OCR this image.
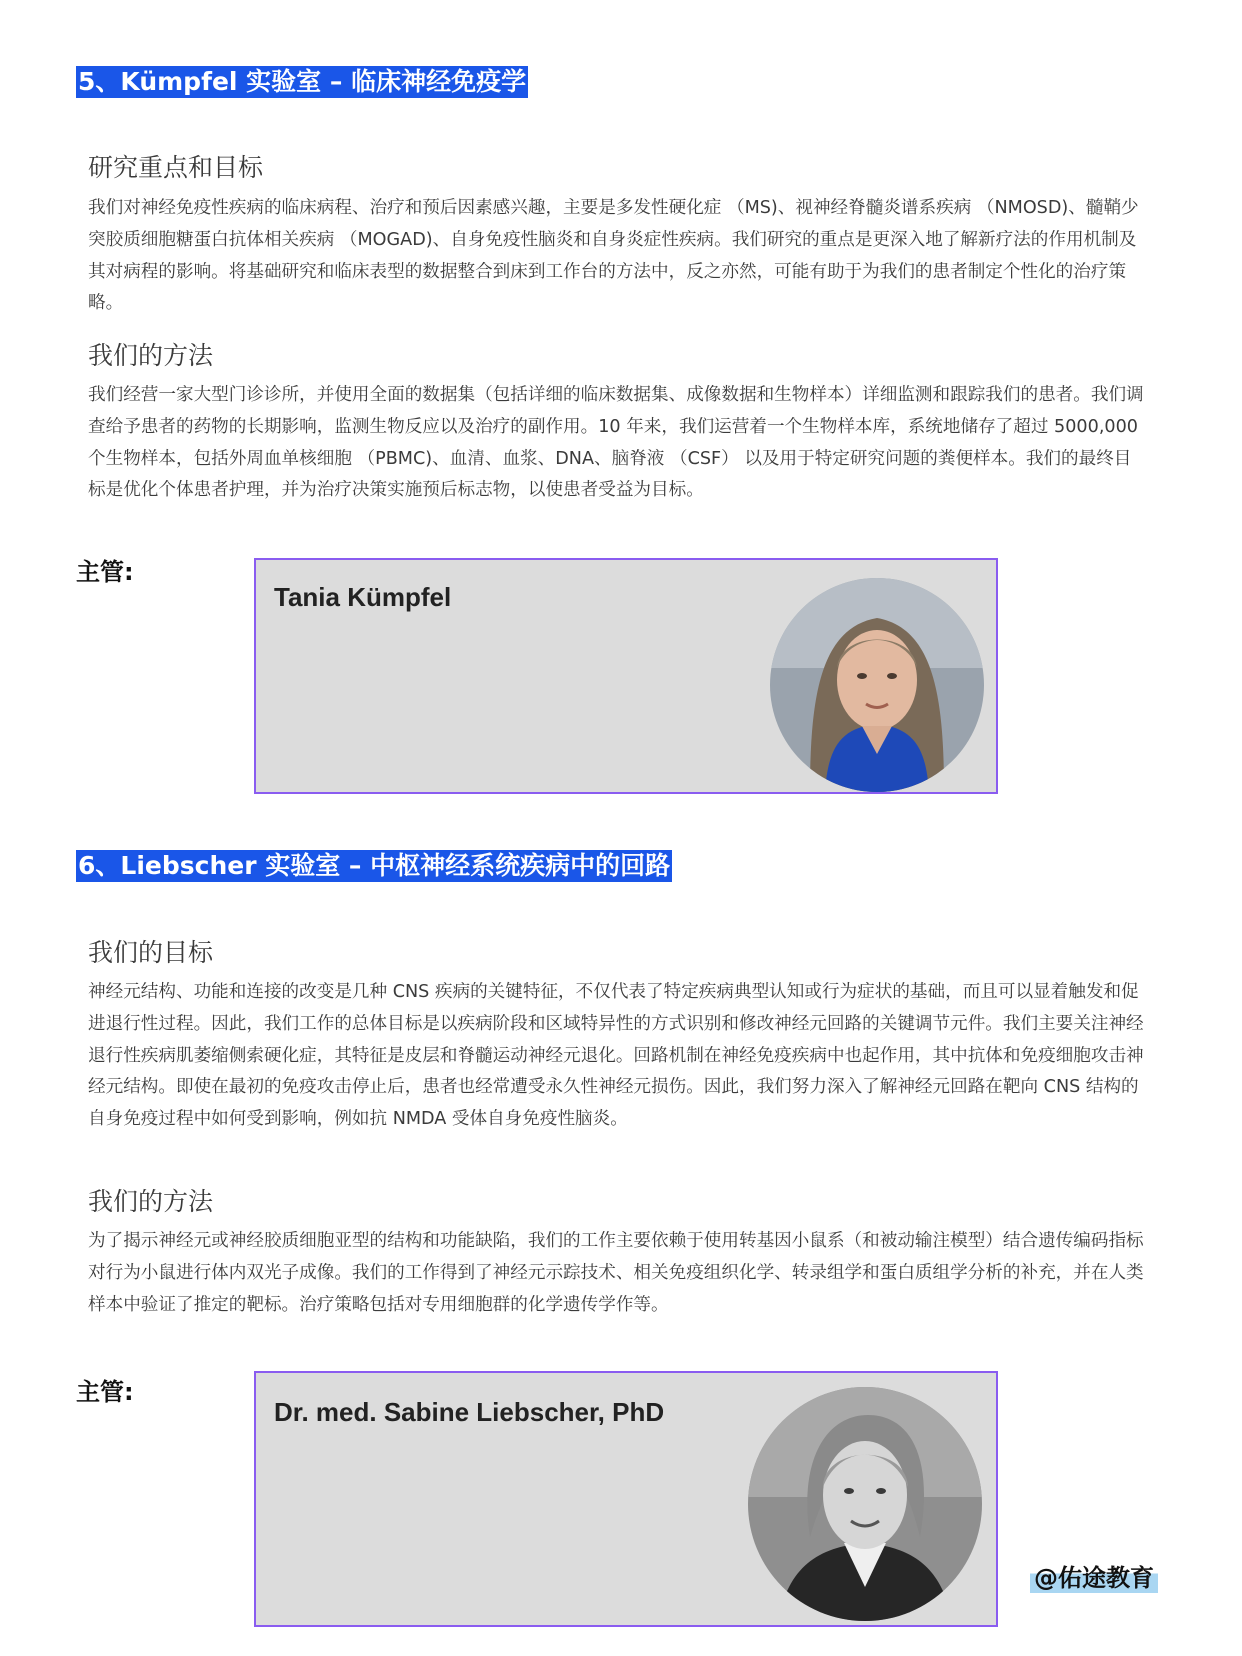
5、Kümpfel 实验室 – 临床神经免疫学
研究重点和目标

我们对神经免疫性疾病的临床病程、治疗和预后因素感兴趣，主要是多发性硬化症 （MS)、视神经脊髓炎谱系疾病 （NMOSD)、髓鞘少突胶质细胞糖蛋白抗体相关疾病 （MOGAD)、自身免疫性脑炎和自身炎症性疾病。我们研究的重点是更深入地了解新疗法的作用机制及其对病程的影响。将基础研究和临床表型的数据整合到床到工作台的方法中，反之亦然，可能有助于为我们的患者制定个性化的治疗策略。

我们的方法

我们经营一家大型门诊诊所，并使用全面的数据集（包括详细的临床数据集、成像数据和生物样本）详细监测和跟踪我们的患者。我们调查给予患者的药物的长期影响，监测生物反应以及治疗的副作用。10 年来，我们运营着一个生物样本库，系统地储存了超过 5000,000 个生物样本，包括外周血单核细胞 （PBMC)、血清、血浆、DNA、脑脊液 （CSF） 以及用于特定研究问题的粪便样本。我们的最终目标是优化个体患者护理，并为治疗决策实施预后标志物，以使患者受益为目标。

主管:
Tania Kümpfel
6、Liebscher 实验室 – 中枢神经系统疾病中的回路
我们的目标

神经元结构、功能和连接的改变是几种 CNS 疾病的关键特征，不仅代表了特定疾病典型认知或行为症状的基础，而且可以显着触发和促进退行性过程。因此，我们工作的总体目标是以疾病阶段和区域特异性的方式识别和修改神经元回路的关键调节元件。我们主要关注神经退行性疾病肌萎缩侧索硬化症，其特征是皮层和脊髓运动神经元退化。回路机制在神经免疫疾病中也起作用，其中抗体和免疫细胞攻击神经元结构。即使在最初的免疫攻击停止后，患者也经常遭受永久性神经元损伤。因此，我们努力深入了解神经元回路在靶向 CNS 结构的自身免疫过程中如何受到影响，例如抗 NMDA 受体自身免疫性脑炎。

我们的方法

为了揭示神经元或神经胶质细胞亚型的结构和功能缺陷，我们的工作主要依赖于使用转基因小鼠系（和被动输注模型）结合遗传编码指标对行为小鼠进行体内双光子成像。我们的工作得到了神经元示踪技术、相关免疫组织化学、转录组学和蛋白质组学分析的补充，并在人类样本中验证了推定的靶标。治疗策略包括对专用细胞群的化学遗传学作等。

主管:
Dr. med. Sabine Liebscher, PhD
@佑途教育
